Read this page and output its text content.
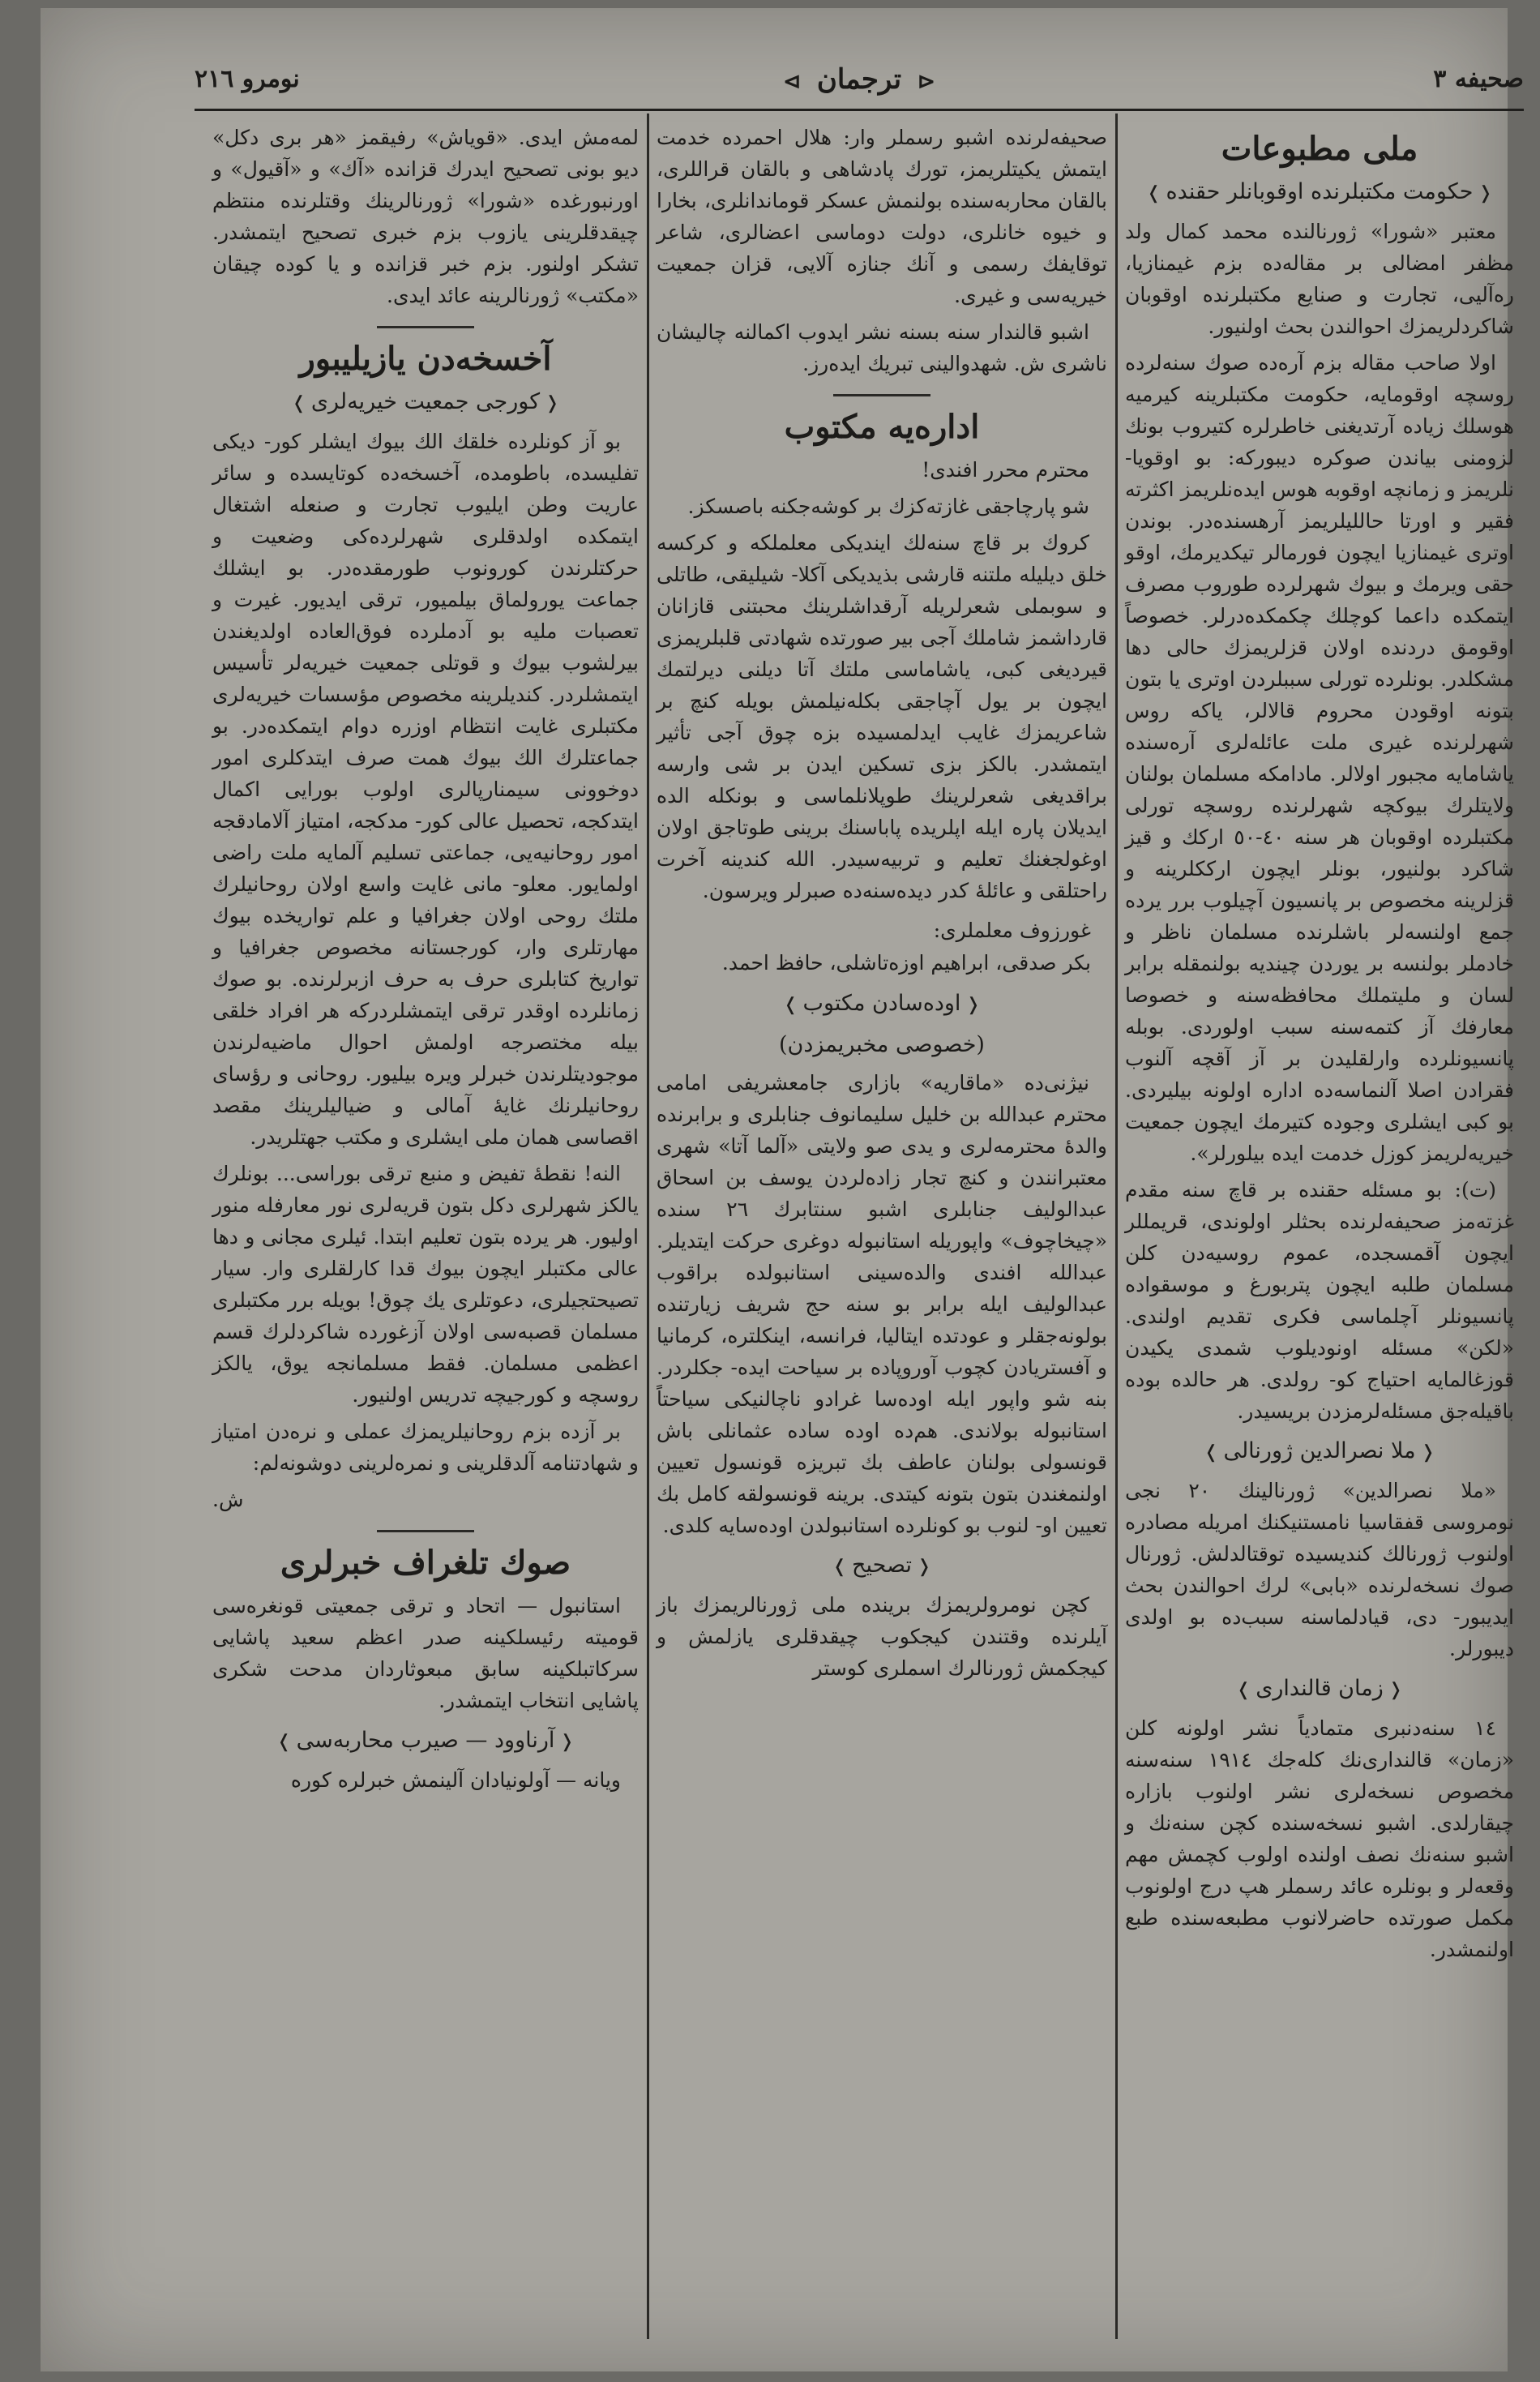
صحیفه ٣
⊲ ترجمان ⊳
نومرو ٢١٦
ملی مطبوعات
❬حکومت مکتبلرنده اوقوبانلر حقنده❭

معتبر «شورا» ژورنالنده محمد کمال ولد مظفر امضالی بر مقاله‌ده بزم غیمنازیا، ره‌آلیی، تجارت و صنایع مکتبلرنده اوقوبان شاکردلریمزك احوالندن بحث اولنیور.

اولا صاحب مقاله بزم آره‌ده صوك سنه‌لرده روسچه اوقومایه، حکومت مکتبلرینه کیرمیه هوسلك زیاده آرتدیغنی خاطرلره کتیروب بونك لزومنی بیاندن صوکره دیبورکه: بو اوقویا- نلریمز و زمانچه اوقوبه هوس ایده‌نلریمز اکثرته فقیر و اورتا حالليلريمز آرهسنده‌در. بوندن اوتری غیمنازیا ایچون فورمالر تیکدیرمك، اوقو حقی ویرمك و بیوك شهرلرده طوروب مصرف ایتمکده داعما کوچلك چکمکده‌درلر. خصوصاً اوقومق درد‌نده اولان قزلریمزك حالی دها مشکلدر. بونلرده تورلی سببلردن اوتری یا بتون بتونه اوقودن محروم قالالر، یاکه روس شهرلرنده غیری ملت عائله‌لری آره‌سنده یاشامایه مجبور اولالر. مادامکه مسلمان بولنان ولایتلرك بیوکچه شهرلرنده روسچه تورلی مکتبلرده اوقوبان هر سنه ٤٠-٥٠ ارکك و قیز شاکرد بولنیور، بونلر ایچون ارککلرینه و قزلرینه مخصوص بر پانسیون آچیلوب برر یرده جمع اولنسه‌لر باشلرنده مسلمان ناظر و خادملر بولنسه بر یوردن چیندیه بولنمقله برابر لسان و ملیتملك محافظه‌سنه و خصوصا معارفك آز کتمه‌سنه سبب اولوردی. بوبله پانسیونلرده وارلقلیدن بر آز آقچه آلنوب فقرادن اصلا آلنماسه‌ده اداره اولونه بیلیردی. بو کبی ایشلری وجوده کتیرمك ایچون جمعیت خیریه‌لریمز کوزل خدمت ایده بیلورلر».

(ت): بو مسئله حقنده بر قاچ سنه مقدم غزته‌مز صحیفه‌لرنده بحثلر اولوندی، قریمللر ایچون آقمسجده، عموم روسیه‌دن کلن مسلمان طلبه ایچون پتربورغ و موسقواده پانسیونلر آچلماسی فکری تقدیم اولندی. «لکن» مسئله اونودیلوب شمدی یکیدن قوزغالمایه احتیاج کو- رولدی. هر حالده بوده باقیله‌جق مسئله‌لرمزدن بریسیدر.

❬ملا نصرالدین ژورنالی❭

«ملا نصرالدین» ژورنالینك ٢٠ نجی نومروسی قفقاسیا نامستنیکنك امریله مصادره اولنوب ژورنالك کندیسیده توقتالدلش. ژورنال صوك نسخه‌لرنده «بابی» لرك احوالندن بحث ایدیبور- دی، قیادلماسنه سبب‌ده بو اولدی دیبورلر.

❬زمان قالنداری❭

١٤ سنه‌دنبری متمادیاً نشر اولونه کلن «زمان» قالنداری‌نك کله‌جك ١٩١٤ سنه‌سنه مخصوص نسخه‌لری نشر اولنوب بازاره چیقارلدی. اشبو نسخه‌سنده کچن سنه‌نك و اشبو سنه‌نك نصف اولنده اولوب کچمش مهم وقعه‌لر و بونلره عائد رسملر هپ درج اولونوب مکمل صورتده حاضرلانوب مطبعه‌سنده طبع اولنمشدر.

صحیفه‌لرنده اشبو رسملر وار: هلال احمرده خدمت ایتمش یکیتلریمز، تورك پادشاهی و بالقان قراللری، بالقان محاربه‌سنده بولنمش عسکر قوماندانلری، بخارا و خیوه خانلری، دولت دوماسی اعضالری، شاعر توقایفك رسمی و آنك جنازه آلایی، قزان جمعیت خیریه‌سی و غیری.

اشبو قالندار سنه بسنه نشر ایدوب اکمالنه چالیشان ناشری ش. شهدوالینی تبریك ایده‌رز.

اداره‌یه مکتوب

محترم محرر افندی!

شو پارچاجقی غازته‌کزك بر کوشه‌جکنه باصسکز.

کروك بر قاچ سنه‌لك ایندیکی معلملکه و کرکسه خلق دیلیله ملتنه قارشی بذیدیکی آکلا- شیلیقی، طاتلی و سوبملی شعرلریله آرقداشلرینك محبتنی قازانان قارداشمز شاملك آجی بیر صورتده شهادتی قلبلریمزی قیردیغی کبی، یاشاماسی ملتك آتا دیلنی دیرلتمك ایچون بر یول آچاجقی بکله‌نیلمش بویله کنچ بر شاعریمزك غایب ایدلمسیده بزه چوق آجی تأثیر ایتمشدر. بالکز بزی تسکین ایدن بر شی وارسه براقدیغی شعرلرینك طوپلانلماسی و بونکله الده ایدیلان پاره ایله اپلریده پاباسنك برینی طوتاجق اولان اوغولجغنك تعلیم و تربیه‌سیدر. الله کندینه آخرت راحتلقی و عائلهٔ کدر دیده‌سنه‌ده صبرلر ویرسون.

غورزوف معلملری:
بکر صدقی، ابراهیم اوزه‌تاشلی، حافظ احمد.
❬اوده‌سادن مکتوب❭
(خصوصی مخبریمزدن)

نیژنی‌ده «ماقاریه» بازاری جامعشریفی امامی محترم عبدالله بن خلیل سلیمانوف جنابلری و برابرنده والدهٔ محترمه‌لری و یدی صو ولایتی «آلما آتا» شهری معتبرانندن و کنچ تجار زاده‌لردن یوسف بن اسحاق عبدالولیف جنابلری اشبو سنتابرك ٢٦ سنده «چیخاچوف» واپوریله استانبوله دوغری حرکت ایتدیلر. عبدالله افندی والده‌سینی استانبولده براقوب عبدالولیف ایله برابر بو سنه حج شریف زیارتنده بولونه‌جقلر و عودتده ایتالیا، فرانسه، اینکلتره، کرمانیا و آفستریادن کچوب آوروپاده بر سیاحت ایده- جکلردر. بنه شو واپور ایله اوده‌سا غرادو ناچالنیکی سیاحتاً استانبوله بولاندی. هم‌ده اوده ساده عثمانلی باش قونسولی بولنان عاطف بك تبریزه قونسول تعیین اولنمغندن بتون بتونه کیتدی. برینه قونسولقه کامل بك تعیین او- لنوب بو کونلرده استانبولدن اوده‌سایه کلدی.

❬تصحیح❭

کچن نومرولریمزك برینده ملی ژورنالریمزك باز آیلرنده وقتندن کیجکوب چیقدقلری یازلمش و کیجکمش ژورنالرك اسملری کوستر

لمه‌مش ایدی. «قویاش» رفیقمز «هر بری دکل» دیو بونی تصحیح ایدرك قزانده «آك» و «آقیول» و اورنبورغده «شورا» ژورنالرینك وقتلرنده منتظم چیقدقلرینی یازوب بزم خبری تصحیح ایتمشدر. تشکر اولنور. بزم خبر قزانده و یا کوده چیقان «مکتب» ژورنالرینه عائد ایدی.

آخسخه‌دن یازیلیبور
❬کورجی جمعیت خیریه‌لری❭

بو آز کونلرده خلقك الك بیوك ایشلر کور- دیکی تفلیسده، باطومده، آخسخه‌ده کوتایسده و سائر عاریت وطن ایلیوب تجارت و صنعله اشتغال ایتمکده اولدقلری شهرلرده‌کی وضعیت و حرکتلرندن کورونوب طورمقده‌در. بو ایشلك جماعت یورولماق بیلمیور، ترقی ایدیور. غیرت و تعصبات ملیه بو آدملرده فوق‌العاده اولدیغندن بیرلشوب بیوك و قوتلی جمعیت خیریه‌لر تأسیس ایتمشلردر. کندیلرینه مخصوص مؤسسات خیریه‌لری مکتبلری غایت انتظام اوزره دوام ایتمکده‌در. بو جماعتلرك الك بیوك همت صرف ایتدکلری امور دوخوونی سیمنارپالری اولوب بورایی اکمال ایتدکجه، تحصیل عالی کور- مدکجه، امتیاز آلامادقجه امور روحانیه‌یی، جماعتی تسلیم آلمایه ملت راضی اولمایور. معلو- مانی غایت واسع اولان روحانیلرك ملتك روحی اولان جغرافیا و علم تواریخده بیوك مهارتلری وار، کورجستانه مخصوص جغرافیا و تواریخ کتابلری حرف به حرف ازبرلرنده. بو صوك زمانلرده اوقدر ترقی ایتمشلردرکه هر افراد خلقی بیله مختصرجه اولمش احوال ماضیه‌لرندن موجودیتلرندن خبرلر ویره بیلیور. روحانی و رؤسای روحانیلرنك غایهٔ آمالی و ضیالیلرینك مقصد اقصاسی همان ملی ایشلری و مکتب جهتلریدر.

النه! نقطهٔ تفیض و منبع ترقی بوراسی... بونلرك یالکز شهرلری دکل بتون قریه‌لری نور معارفله منور اولیور. هر یرده بتون تعلیم ابتدا. ئیلری مجانی و دها عالی مکتبلر ایچون بیوك قدا کارلقلری وار. سیار تصیحتجیلری، دعوتلری یك چوق! بویله برر مکتبلری مسلمان قصبه‌سی اولان آزغورده شاکردلرك قسم اعظمی مسلمان. فقط مسلمانجه یوق، یالکز روسچه و کورجیچه تدریس اولنیور.

بر آزده بزم روحانیلریمزك عملی و نره‌دن امتیاز و شهادتنامه آلدقلرینی و نمره‌لرینی دوشونه‌لم:

ش.
صوك تلغراف خبرلری

استانبول — اتحاد و ترقی جمعیتی قونغره‌سی قومیته رئیسلکینه صدر اعظم سعید پاشایی سرکاتبلکینه سابق مبعوثاردان مدحت شکری پاشایی انتخاب ایتمشدر.

❬آرناوود — صیرب محاربه‌سی❭

ویانه — آولونیادان آلینمش خبرلره کوره
